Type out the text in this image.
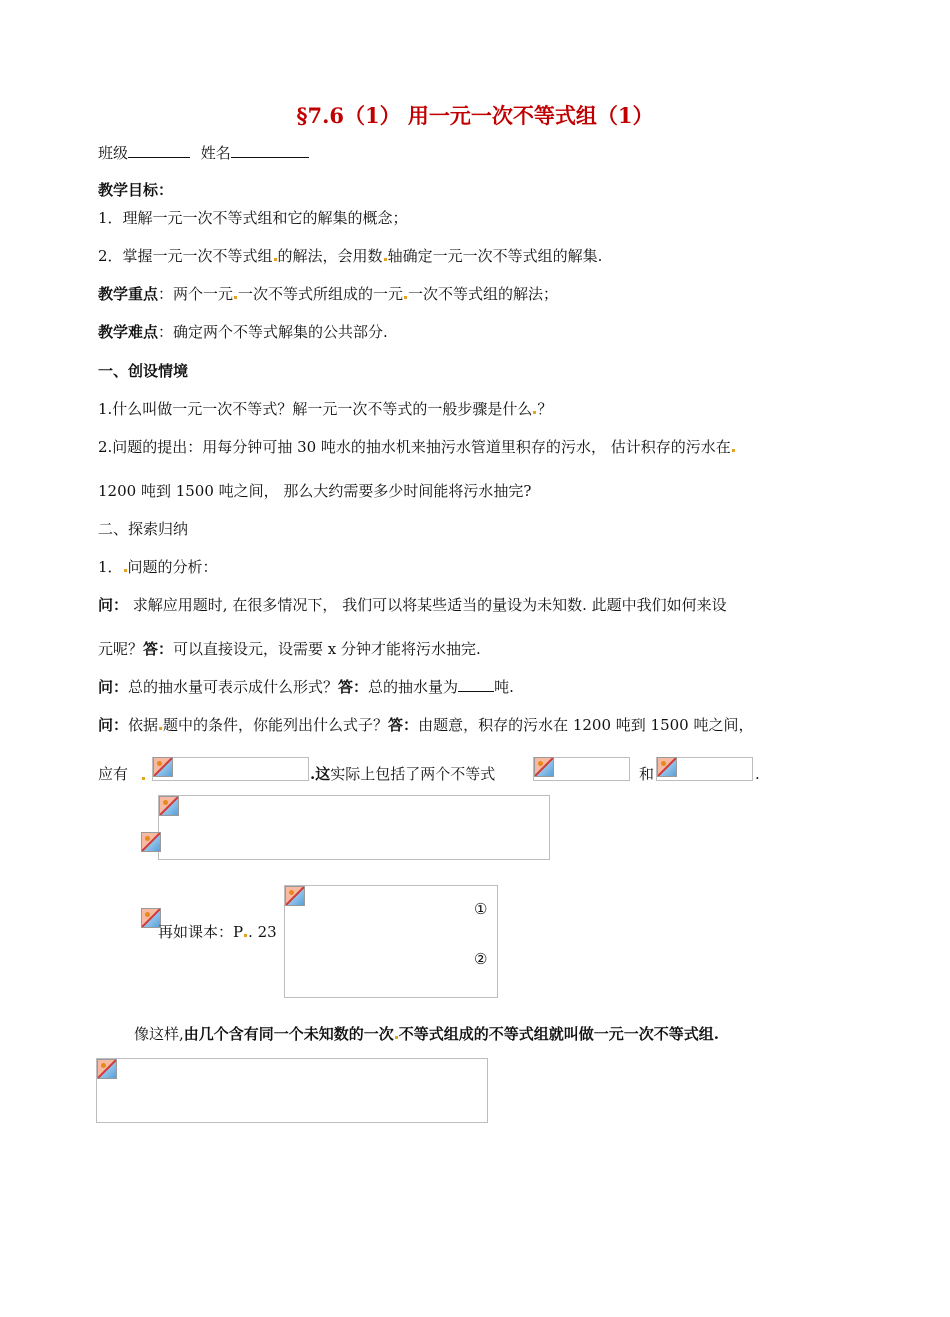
§7.6（1） 用一元一次不等式组（1）
班级	姓名
教学目标：
1．理解一元一次不等式组和它的解集的概念；
2．掌握一元一次不等式组 的解法，会用数 轴确定一元一次不等式组的解集.
教学重点：两个一元 一次不等式所组成的一元 一次不等式组的解法；
教学难点：确定两个不等式解集的公共部分.
一、创设情境
1.什么叫做一元一次不等式？解一元一次不等式的一般步骤是什么 ？
2.问题的提出：用每分钟可抽 30 吨水的抽水机来抽污水管道里积存的污水， 估计积存的污水在
1200 吨到 1500 吨之间， 那么大约需要多少时间能将污水抽完?
二、探索归纳
1． 问题的分析：
问： 求解应用题时, 在很多情况下， 我们可以将某些适当的量设为未知数. 此题中我们如何来设
元呢？答：可以直接设元，设需要 x 分钟才能将污水抽完.
问：总的抽水量可表示成什么形式？答：总的抽水量为 吨.
问：依据 题中的条件，你能列出什么式子？答：由题意，积存的污水在 1200 吨到 1500 吨之间，
应有	.这实际上包括了两个不等式	和	.
再如课本：P . 23
①
②
像这样,由几个含有同一个未知数的一次 不等式组成的不等式组就叫做一元一次不等式组.
